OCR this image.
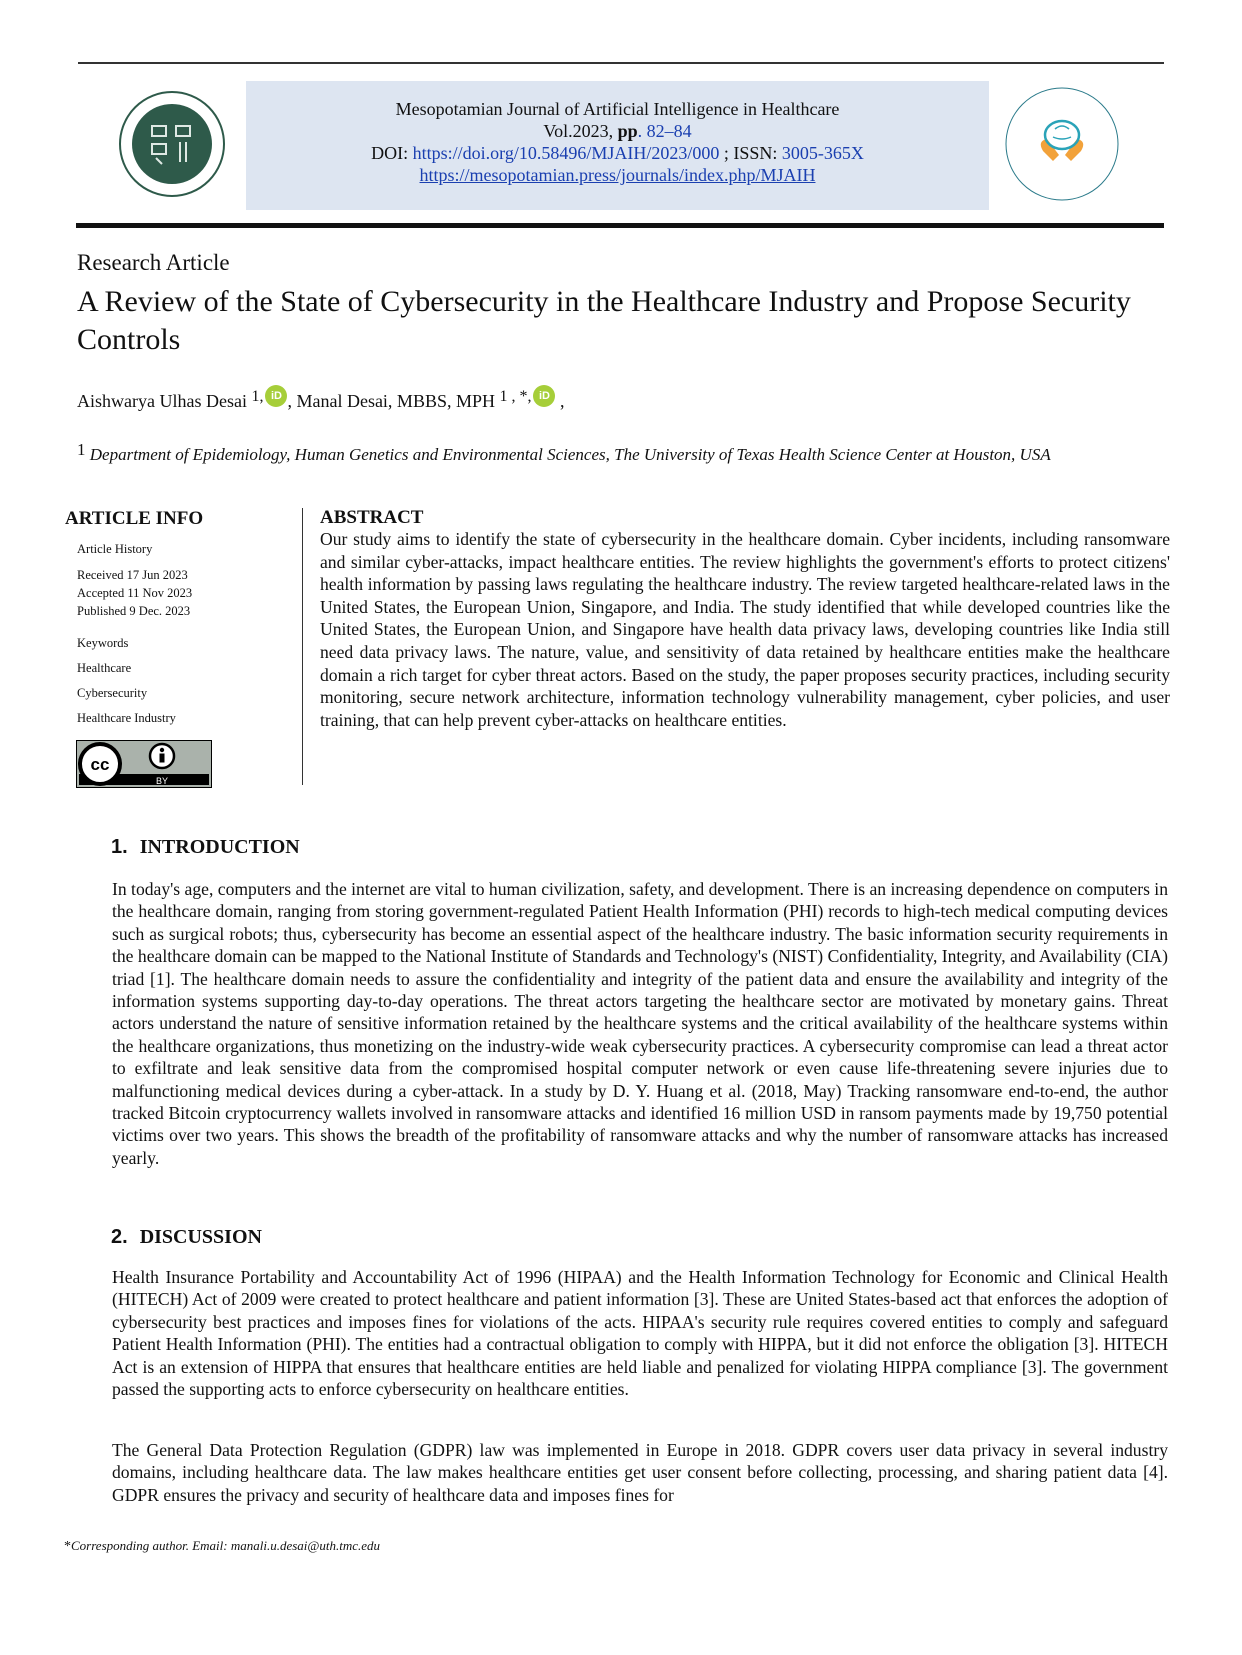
Mesopotamian Journal of Artificial Intelligence in Healthcare
Vol.2023, pp. 82–84
DOI: https://doi.org/10.58496/MJAIH/2023/000 ; ISSN: 3005-365X
https://mesopotamian.press/journals/index.php/MJAIH
Research Article
A Review of the State of Cybersecurity in the Healthcare Industry and Propose Security Controls
Aishwarya Ulhas Desai $^{1,}$ iD , Manal Desai, MBBS, MPH $^{1 , *,}$ iD ,
$^1$ Department of Epidemiology, Human Genetics and Environmental Sciences, The University of Texas Health Science Center at Houston, USA
ARTICLE INFO
Article History
Received 17 Jun 2023
Accepted 11 Nov 2023
Published 9 Dec. 2023
Keywords
Healthcare
Cybersecurity
Healthcare Industry
cc
BY
ABSTRACT
Our study aims to identify the state of cybersecurity in the healthcare domain. Cyber incidents, including ransomware and similar cyber-attacks, impact healthcare entities. The review highlights the government's efforts to protect citizens' health information by passing laws regulating the healthcare industry. The review targeted healthcare-related laws in the United States, the European Union, Singapore, and India. The study identified that while developed countries like the United States, the European Union, and Singapore have health data privacy laws, developing countries like India still need data privacy laws. The nature, value, and sensitivity of data retained by healthcare entities make the healthcare domain a rich target for cyber threat actors. Based on the study, the paper proposes security practices, including security monitoring, secure network architecture, information technology vulnerability management, cyber policies, and user training, that can help prevent cyber-attacks on healthcare entities.
1. INTRODUCTION
In today's age, computers and the internet are vital to human civilization, safety, and development. There is an increasing dependence on computers in the healthcare domain, ranging from storing government-regulated Patient Health Information (PHI) records to high-tech medical computing devices such as surgical robots; thus, cybersecurity has become an essential aspect of the healthcare industry. The basic information security requirements in the healthcare domain can be mapped to the National Institute of Standards and Technology's (NIST) Confidentiality, Integrity, and Availability (CIA) triad [1]. The healthcare domain needs to assure the confidentiality and integrity of the patient data and ensure the availability and integrity of the information systems supporting day-to-day operations. The threat actors targeting the healthcare sector are motivated by monetary gains. Threat actors understand the nature of sensitive information retained by the healthcare systems and the critical availability of the healthcare systems within the healthcare organizations, thus monetizing on the industry-wide weak cybersecurity practices. A cybersecurity compromise can lead a threat actor to exfiltrate and leak sensitive data from the compromised hospital computer network or even cause life-threatening severe injuries due to malfunctioning medical devices during a cyber-attack. In a study by D. Y. Huang et al. (2018, May) Tracking ransomware end-to-end, the author tracked Bitcoin cryptocurrency wallets involved in ransomware attacks and identified 16 million USD in ransom payments made by 19,750 potential victims over two years. This shows the breadth of the profitability of ransomware attacks and why the number of ransomware attacks has increased yearly.
2. DISCUSSION
Health Insurance Portability and Accountability Act of 1996 (HIPAA) and the Health Information Technology for Economic and Clinical Health (HITECH) Act of 2009 were created to protect healthcare and patient information [3]. These are United States-based act that enforces the adoption of cybersecurity best practices and imposes fines for violations of the acts. HIPAA's security rule requires covered entities to comply and safeguard Patient Health Information (PHI). The entities had a contractual obligation to comply with HIPPA, but it did not enforce the obligation [3]. HITECH Act is an extension of HIPPA that ensures that healthcare entities are held liable and penalized for violating HIPPA compliance [3]. The government passed the supporting acts to enforce cybersecurity on healthcare entities.
The General Data Protection Regulation (GDPR) law was implemented in Europe in 2018. GDPR covers user data privacy in several industry domains, including healthcare data. The law makes healthcare entities get user consent before collecting, processing, and sharing patient data [4]. GDPR ensures the privacy and security of healthcare data and imposes fines for
*Corresponding author. Email: manali.u.desai@uth.tmc.edu
